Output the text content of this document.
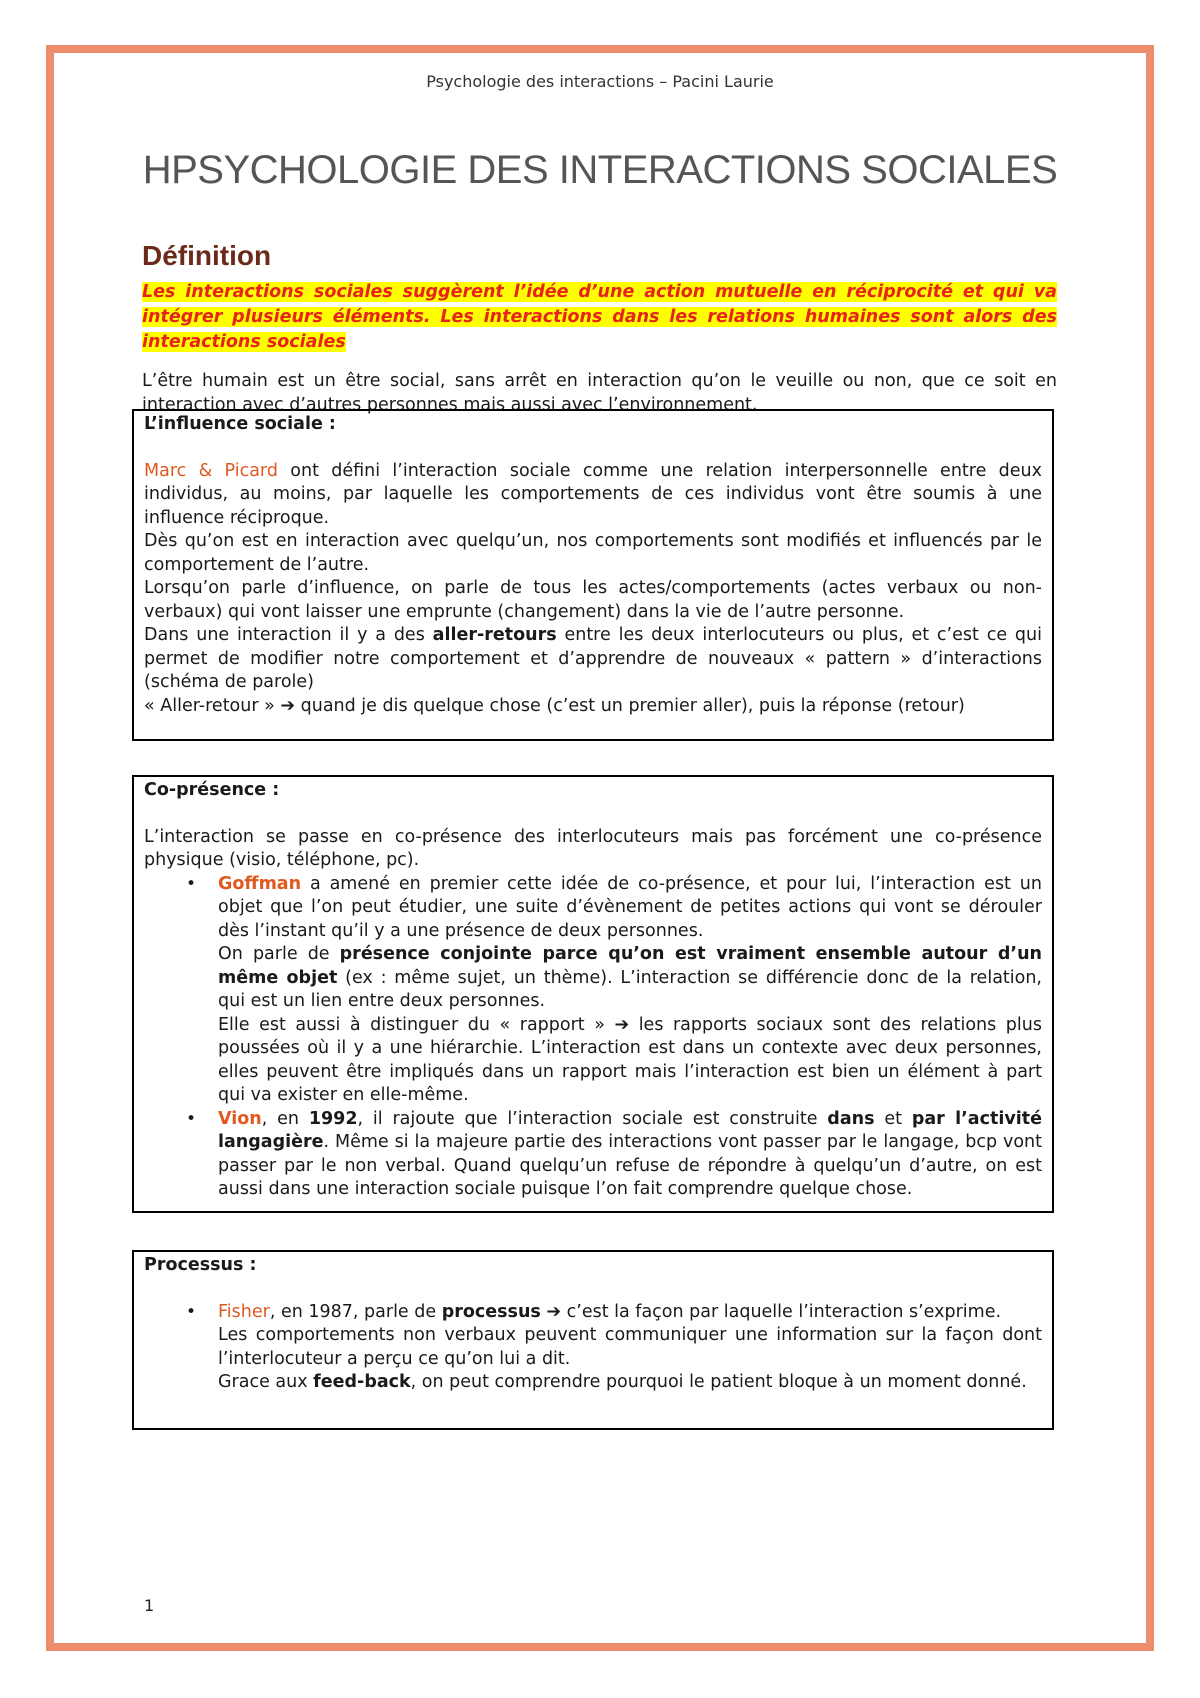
Psychologie des interactions – Pacini Laurie
HPSYCHOLOGIE DES INTERACTIONS SOCIALES
Définition

Les interactions sociales suggèrent l’idée d’une action mutuelle en réciprocité et qui va intégrer plusieurs éléments. Les interactions dans les relations humaines sont alors des interactions sociales

L’être humain est un être social, sans arrêt en interaction qu’on le veuille ou non, que ce soit en interaction avec d’autres personnes mais aussi avec l’environnement.

L’influence sociale :

Marc & Picard ont défini l’interaction sociale comme une relation interpersonnelle entre deux individus, au moins, par laquelle les comportements de ces individus vont être soumis à une influence réciproque.

Dès qu’on est en interaction avec quelqu’un, nos comportements sont modifiés et influencés par le comportement de l’autre.

Lorsqu’on parle d’influence, on parle de tous les actes/comportements (actes verbaux ou non-verbaux) qui vont laisser une emprunte (changement) dans la vie de l’autre personne.

Dans une interaction il y a des aller-retours entre les deux interlocuteurs ou plus, et c’est ce qui permet de modifier notre comportement et d’apprendre de nouveaux « pattern » d’interactions (schéma de parole)

« Aller-retour » ➔ quand je dis quelque chose (c’est un premier aller), puis la réponse (retour)

Co-présence :

L’interaction se passe en co-présence des interlocuteurs mais pas forcément une co-présence physique (visio, téléphone, pc).

• Goffman a amené en premier cette idée de co-présence, et pour lui, l’interaction est un objet que l’on peut étudier, une suite d’évènement de petites actions qui vont se dérouler dès l’instant qu’il y a une présence de deux personnes.

On parle de présence conjointe parce qu’on est vraiment ensemble autour d’un même objet (ex : même sujet, un thème). L’interaction se différencie donc de la relation, qui est un lien entre deux personnes.

Elle est aussi à distinguer du « rapport » ➔ les rapports sociaux sont des relations plus poussées où il y a une hiérarchie. L’interaction est dans un contexte avec deux personnes, elles peuvent être impliqués dans un rapport mais l’interaction est bien un élément à part qui va exister en elle-même.

• Vion, en 1992, il rajoute que l’interaction sociale est construite dans et par l’activité langagière. Même si la majeure partie des interactions vont passer par le langage, bcp vont passer par le non verbal. Quand quelqu’un refuse de répondre à quelqu’un d’autre, on est aussi dans une interaction sociale puisque l’on fait comprendre quelque chose.

Processus :
• Fisher, en 1987, parle de processus ➔ c’est la façon par laquelle l’interaction s’exprime.

Les comportements non verbaux peuvent communiquer une information sur la façon dont l’interlocuteur a perçu ce qu’on lui a dit.

Grace aux feed-back, on peut comprendre pourquoi le patient bloque à un moment donné.

1
